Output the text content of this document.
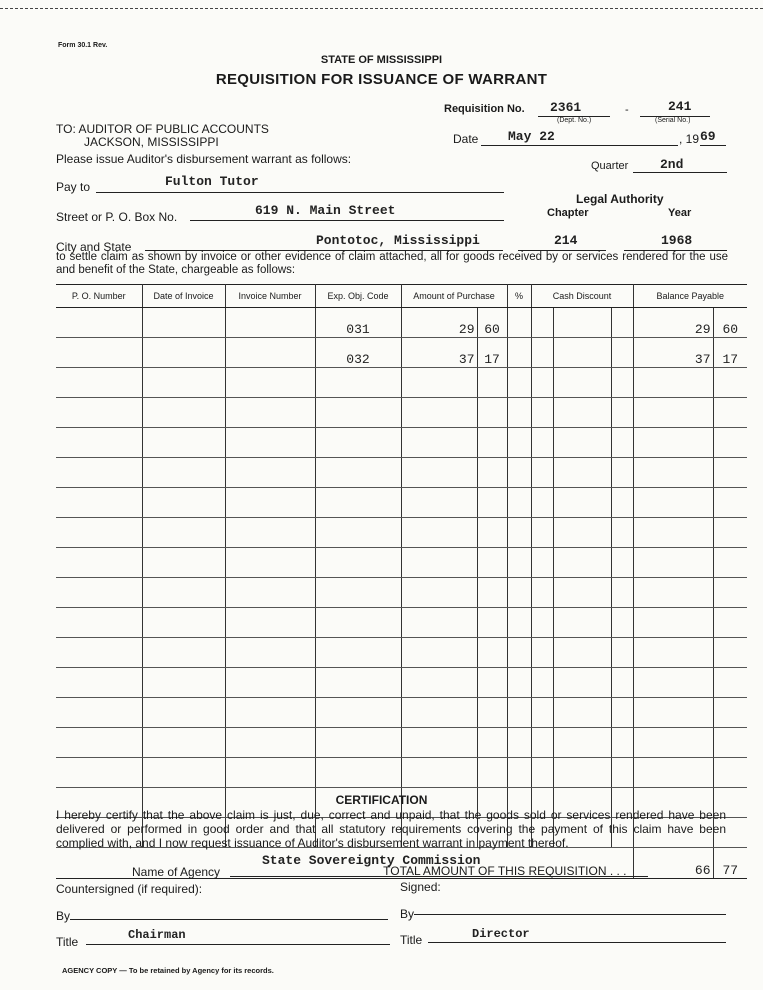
Form 30.1 Rev.
STATE OF MISSISSIPPI
REQUISITION FOR ISSUANCE OF WARRANT
Requisition No. 2361
(Dept. No.)
-	241
(Serial No.)
TO: AUDITOR OF PUBLIC ACCOUNTS
JACKSON, MISSISSIPPI
Please issue Auditor's disbursement warrant as follows:
Date May 22	, 19 69
Quarter 2nd
Pay to	Fulton Tutor
Legal Authority
Chapter	Year
Street or P. O. Box No.	619 N. Main Street
City and State	Pontotoc, Mississippi	214	1968
to settle claim as shown by invoice or other evidence of claim attached, all for goods received by or services rendered for the use and benefit of the State, chargeable as follows:
P. O. Number	Date of Invoice	Invoice Number	Exp. Obj. Code	Amount of Purchase		%	Cash Discount			Balance Payable	
			031	29	60					29	60
			032	37	17					37	17

TOTAL AMOUNT OF THIS REQUISITION . . .										66	77
CERTIFICATION
I hereby certify that the above claim is just, due, correct and unpaid, that the goods sold or services rendered have been delivered or performed in good order and that all statutory requirements covering the payment of this claim have been complied with, and I now request issuance of Auditor's disbursement warrant in payment thereof.
Name of Agency
State Sovereignty Commission
Countersigned (if required):	Signed:
By	By
Title	Chairman	Title	Director
AGENCY COPY — To be retained by Agency for its records.
